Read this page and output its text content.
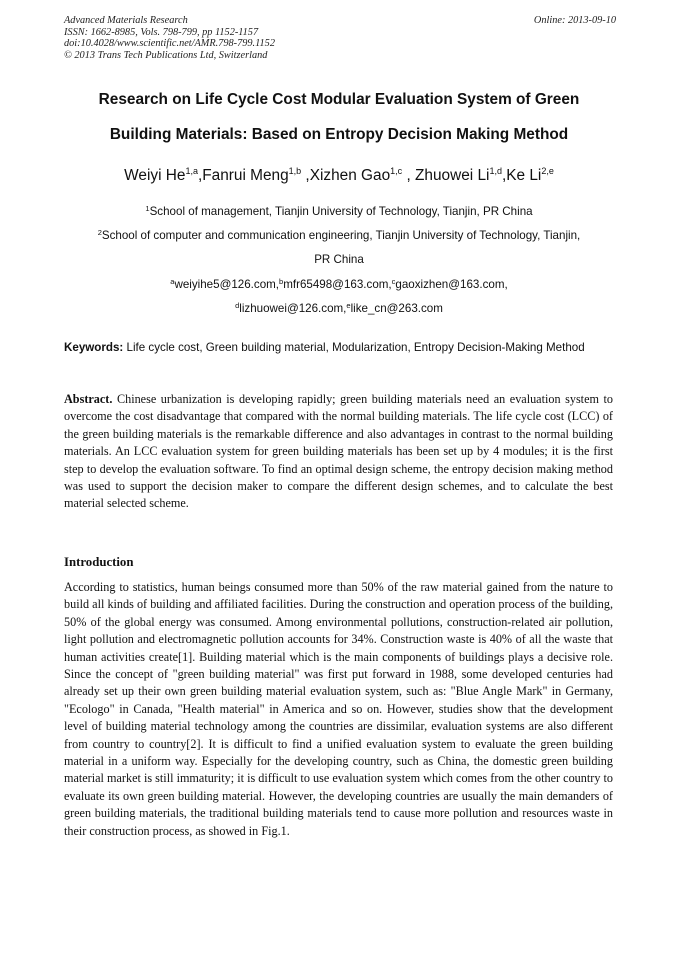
Advanced Materials Research
ISSN: 1662-8985, Vols. 798-799, pp 1152-1157
doi:10.4028/www.scientific.net/AMR.798-799.1152
© 2013 Trans Tech Publications Ltd, Switzerland
Online: 2013-09-10
Research on Life Cycle Cost Modular Evaluation System of Green
Building Materials: Based on Entropy Decision Making Method
Weiyi He$^{1,a}$,Fanrui Meng$^{1,b}$ ,Xizhen Gao$^{1,c}$ , Zhuowei Li$^{1,d}$,Ke Li$^{2,e}$
$^1$School of management, Tianjin University of Technology, Tianjin, PR China
$^2$School of computer and communication engineering, Tianjin University of Technology, Tianjin,
PR China
$^a$weiyihe5@126.com,$^b$mfr65498@163.com,$^c$gaoxizhen@163.com,
$^d$lizhuowei@126.com,$^e$like_cn@263.com
Keywords: Life cycle cost, Green building material, Modularization, Entropy Decision-Making Method
Abstract. Chinese urbanization is developing rapidly; green building materials need an evaluation system to overcome the cost disadvantage that compared with the normal building materials. The life cycle cost (LCC) of the green building materials is the remarkable difference and also advantages in contrast to the normal building materials. An LCC evaluation system for green building materials has been set up by 4 modules; it is the first step to develop the evaluation software. To find an optimal design scheme, the entropy decision making method was used to support the decision maker to compare the different design schemes, and to calculate the best material selected scheme.
Introduction
According to statistics, human beings consumed more than 50% of the raw material gained from the nature to build all kinds of building and affiliated facilities. During the construction and operation process of the building, 50% of the global energy was consumed. Among environmental pollutions, construction-related air pollution, light pollution and electromagnetic pollution accounts for 34%. Construction waste is 40% of all the waste that human activities create[1]. Building material which is the main components of buildings plays a decisive role. Since the concept of "green building material" was first put forward in 1988, some developed centuries had already set up their own green building material evaluation system, such as: "Blue Angle Mark" in Germany, "Ecologo" in Canada, "Health material" in America and so on. However, studies show that the development level of building material technology among the countries are dissimilar, evaluation systems are also different from country to country[2]. It is difficult to find a unified evaluation system to evaluate the green building material in a uniform way. Especially for the developing country, such as China, the domestic green building material market is still immaturity; it is difficult to use evaluation system which comes from the other country to evaluate its own green building material. However, the developing countries are usually the main demanders of green building materials, the traditional building materials tend to cause more pollution and resources waste in their construction process, as showed in Fig.1.
